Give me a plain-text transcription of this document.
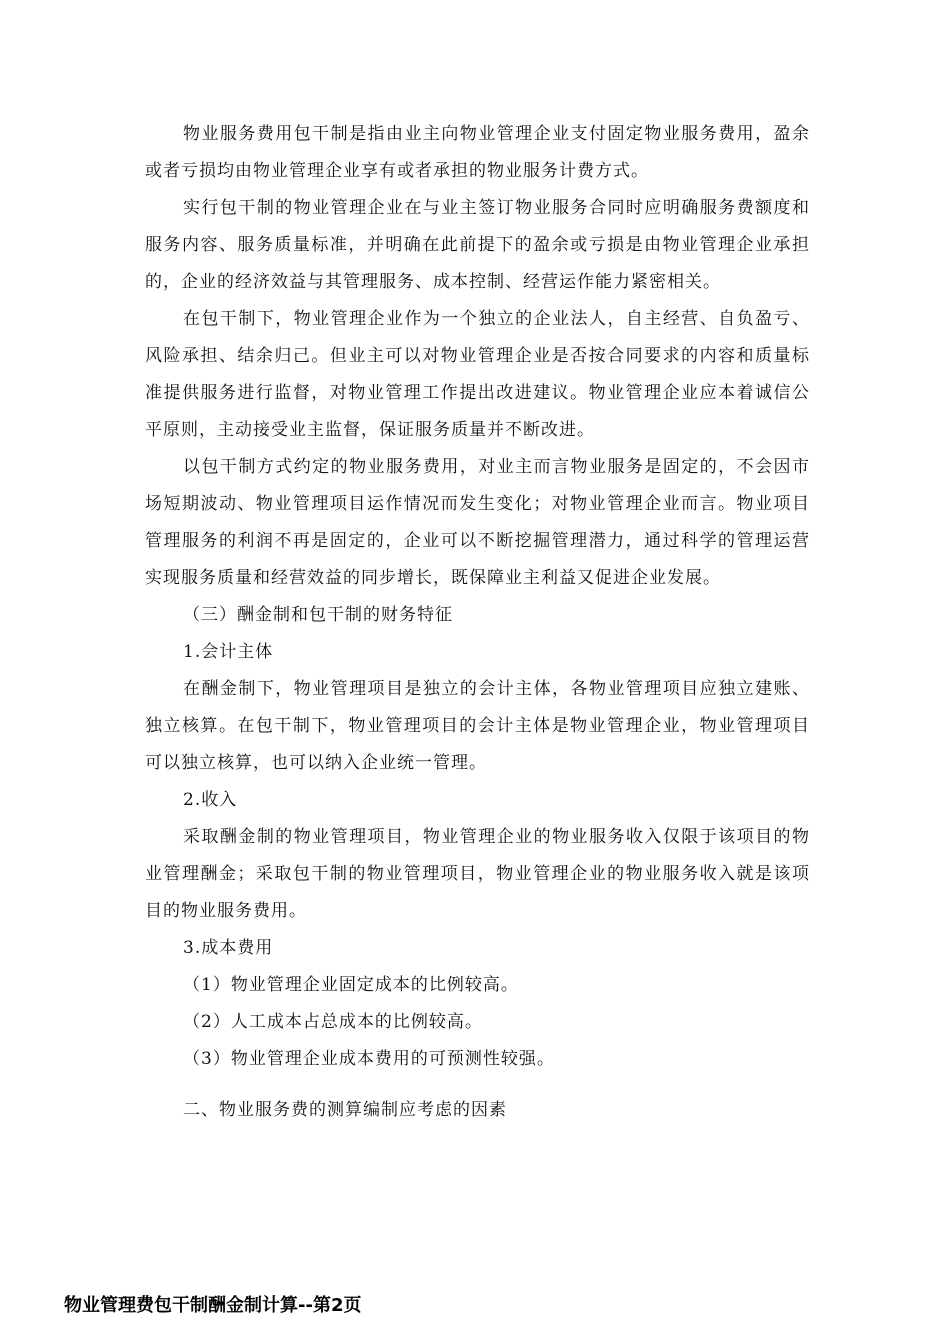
物业服务费用包干制是指由业主向物业管理企业支付固定物业服务费用，盈余或者亏损均由物业管理企业享有或者承担的物业服务计费方式。

实行包干制的物业管理企业在与业主签订物业服务合同时应明确服务费额度和服务内容、服务质量标准，并明确在此前提下的盈余或亏损是由物业管理企业承担的，企业的经济效益与其管理服务、成本控制、经营运作能力紧密相关。

在包干制下，物业管理企业作为一个独立的企业法人，自主经营、自负盈亏、风险承担、结余归己。但业主可以对物业管理企业是否按合同要求的内容和质量标准提供服务进行监督，对物业管理工作提出改进建议。物业管理企业应本着诚信公平原则，主动接受业主监督，保证服务质量并不断改进。

以包干制方式约定的物业服务费用，对业主而言物业服务是固定的，不会因市场短期波动、物业管理项目运作情况而发生变化；对物业管理企业而言。物业项目管理服务的利润不再是固定的，企业可以不断挖掘管理潜力，通过科学的管理运营实现服务质量和经营效益的同步增长，既保障业主利益又促进企业发展。

（三）酬金制和包干制的财务特征

1.会计主体

在酬金制下，物业管理项目是独立的会计主体，各物业管理项目应独立建账、独立核算。在包干制下，物业管理项目的会计主体是物业管理企业，物业管理项目可以独立核算，也可以纳入企业统一管理。

2.收入

采取酬金制的物业管理项目，物业管理企业的物业服务收入仅限于该项目的物业管理酬金；采取包干制的物业管理项目，物业管理企业的物业服务收入就是该项目的物业服务费用。

3.成本费用

（1）物业管理企业固定成本的比例较高。

（2）人工成本占总成本的比例较高。

（3）物业管理企业成本费用的可预测性较强。

二、物业服务费的测算编制应考虑的因素

物业管理费包干制酬金制计算--第2页
